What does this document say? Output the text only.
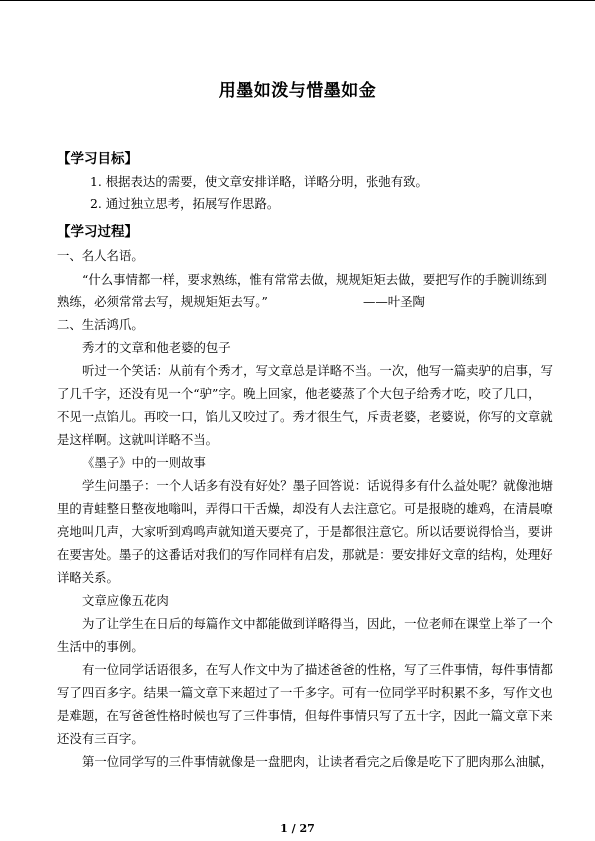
用墨如泼与惜墨如金
【学习目标】
1. 根据表达的需要，使文章安排详略，详略分明，张弛有致。
2. 通过独立思考，拓展写作思路。
【学习过程】
一、名人名语。
“什么事情都一样，要求熟练，惟有常常去做，规规矩矩去做，要把写作的手腕训练到
熟练，必须常常去写，规规矩矩去写。”	——叶圣陶
二、生活鸿爪。
秀才的文章和他老婆的包子
听过一个笑话：从前有个秀才，写文章总是详略不当。一次，他写一篇卖驴的启事，写
了几千字，还没有见一个“驴”字。晚上回家，他老婆蒸了个大包子给秀才吃，咬了几口，
不见一点馅儿。再咬一口，馅儿又咬过了。秀才很生气，斥责老婆，老婆说，你写的文章就
是这样啊。这就叫详略不当。
《墨子》中的一则故事
学生问墨子：一个人话多有没有好处？墨子回答说：话说得多有什么益处呢？就像池塘
里的青蛙整日整夜地嗡叫，弄得口干舌燥，却没有人去注意它。可是报晓的雄鸡，在清晨嘹
亮地叫几声，大家听到鸡鸣声就知道天要亮了，于是都很注意它。所以话要说得恰当，要讲
在要害处。墨子的这番话对我们的写作同样有启发，那就是：要安排好文章的结构，处理好
详略关系。
文章应像五花肉
为了让学生在日后的每篇作文中都能做到详略得当，因此，一位老师在课堂上举了一个
生活中的事例。
有一位同学话语很多，在写人作文中为了描述爸爸的性格，写了三件事情，每件事情都
写了四百多字。结果一篇文章下来超过了一千多字。可有一位同学平时积累不多，写作文也
是难题，在写爸爸性格时候也写了三件事情，但每件事情只写了五十字，因此一篇文章下来
还没有三百字。
第一位同学写的三件事情就像是一盘肥肉，让读者看完之后像是吃下了肥肉那么油腻，
1 / 27
